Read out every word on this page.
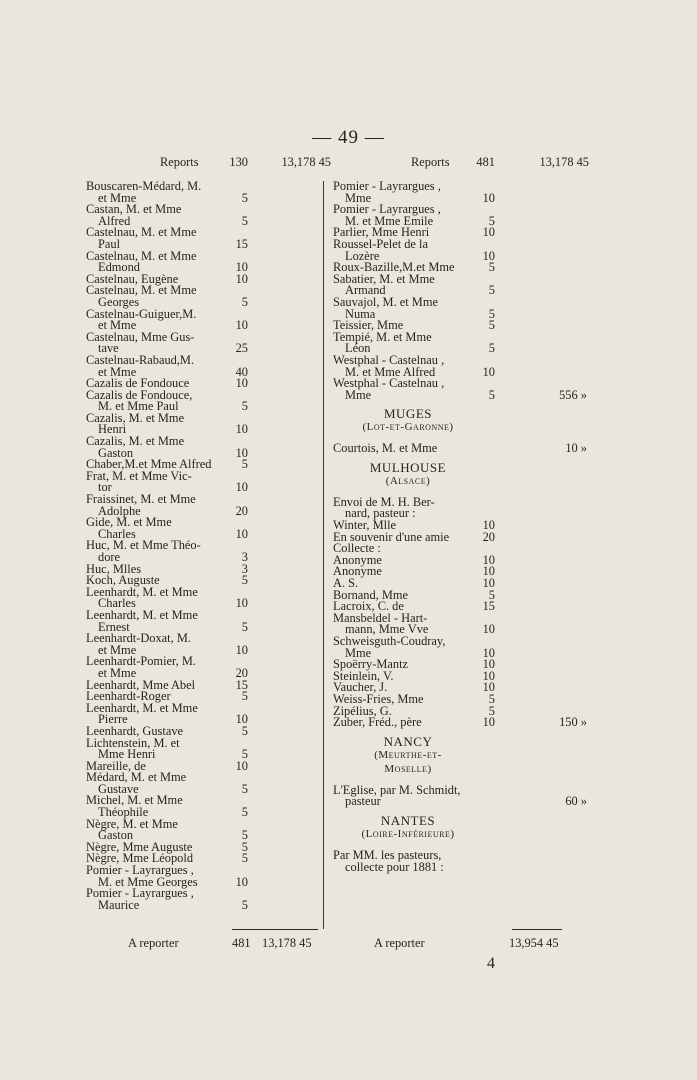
— 49 —
Reports 130	13,178 45
Bouscaren-Médard, M.
et Mme	5
Castan, M. et Mme
Alfred	5
Castelnau, M. et Mme
Paul	15
Castelnau, M. et Mme
Edmond	10
Castelnau, Eugène	10
Castelnau, M. et Mme
Georges	5
Castelnau-Guiguer,M.
et Mme	10
Castelnau, Mme Gus-
tave	25
Castelnau-Rabaud,M.
et Mme	40
Cazalis de Fondouce	10
Cazalis de Fondouce,
M. et Mme Paul	5
Cazalis, M. et Mme
Henri	10
Cazalis, M. et Mme
Gaston	10
Chaber,M.et Mme Alfred 5
Frat, M. et Mme Vic-
tor	10
Fraissinet, M. et Mme
Adolphe	20
Gide, M. et Mme
Charles	10
Huc, M. et Mme Théo-
dore	3
Huc, Mlles	3
Koch, Auguste	5
Leenhardt, M. et Mme
Charles	10
Leenhardt, M. et Mme
Ernest	5
Leenhardt-Doxat, M.
et Mme	10
Leenhardt-Pomier, M.
et Mme	20
Leenhardt, Mme Abel	15
Leenhardt-Roger	5
Leenhardt, M. et Mme
Pierre	10
Leenhardt, Gustave	5
Lichtenstein, M. et
Mme Henri	5
Mareille, de	10
Médard, M. et Mme
Gustave	5
Michel, M. et Mme
Théophile	5
Nègre, M. et Mme
Gaston	5
Nègre, Mme Auguste	5
Nègre, Mme Léopold	5
Pomier - Layrargues ,
M. et Mme Georges	10
Pomier - Layrargues ,
Maurice	5
Reports 481	13,178 45
Pomier - Layrargues ,
Mme	10
Pomier - Layrargues ,
M. et Mme Emile	5
Parlier, Mme Henri	10
Roussel-Pelet de la
Lozère	10
Roux-Bazille,M.et Mme	5
Sabatier, M. et Mme
Armand	5
Sauvajol, M. et Mme
Numa	5
Teissier, Mme	5
Tempié, M. et Mme
Léon	5
Westphal - Castelnau ,
M. et Mme Alfred	10
Westphal - Castelnau ,
Mme	5	556 »
MUGES
(Lot-et-Garonne)
Courtois, M. et Mme	10 »
MULHOUSE
(Alsace)
Envoi de M. H. Ber-
nard, pasteur :
Winter, Mlle	10
En souvenir d'une amie	20
Collecte :
Anonyme	10
Anonyme	10
A. S.	10
Bornand, Mme	5
Lacroix, C. de	15
Mansbeldel - Hart-
mann, Mme Vve	10
Schweisguth-Coudray,
Mme	10
Spoërry-Mantz	10
Steinlein, V.	10
Vaucher, J.	10
Weiss-Fries, Mme	5
Zipélius, G.	5
Zuber, Fréd., père	10	150 »
NANCY
(Meurthe-et-
Moselle)
L'Eglise, par M. Schmidt,
pasteur	60 »
NANTES
(Loire-Inférieure)
Par MM. les pasteurs,
collecte pour 1881 :
A reporter	481 13,178 45	A reporter	13,954 45
4
